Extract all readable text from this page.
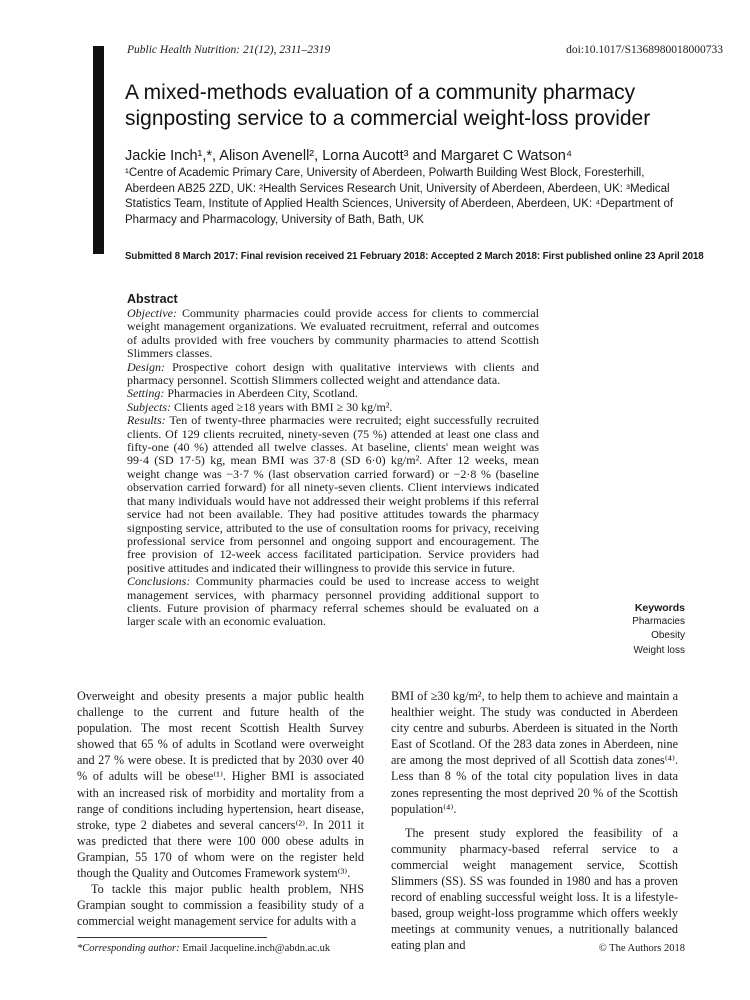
Public Health Nutrition: 21(12), 2311–2319	doi:10.1017/S1368980018000733
A mixed-methods evaluation of a community pharmacy signposting service to a commercial weight-loss provider
Jackie Inch¹,*, Alison Avenell², Lorna Aucott³ and Margaret C Watson⁴
¹Centre of Academic Primary Care, University of Aberdeen, Polwarth Building West Block, Foresterhill, Aberdeen AB25 2ZD, UK: ²Health Services Research Unit, University of Aberdeen, Aberdeen, UK: ³Medical Statistics Team, Institute of Applied Health Sciences, University of Aberdeen, Aberdeen, UK: ⁴Department of Pharmacy and Pharmacology, University of Bath, Bath, UK
Submitted 8 March 2017: Final revision received 21 February 2018: Accepted 2 March 2018: First published online 23 April 2018
Abstract

Objective: Community pharmacies could provide access for clients to commercial weight management organizations. We evaluated recruitment, referral and outcomes of adults provided with free vouchers by community pharmacies to attend Scottish Slimmers classes.

Design: Prospective cohort design with qualitative interviews with clients and pharmacy personnel. Scottish Slimmers collected weight and attendance data.

Setting: Pharmacies in Aberdeen City, Scotland.

Subjects: Clients aged ≥18 years with BMI ≥ 30 kg/m².

Results: Ten of twenty-three pharmacies were recruited; eight successfully recruited clients. Of 129 clients recruited, ninety-seven (75 %) attended at least one class and fifty-one (40 %) attended all twelve classes. At baseline, clients' mean weight was 99·4 (SD 17·5) kg, mean BMI was 37·8 (SD 6·0) kg/m². After 12 weeks, mean weight change was −3·7 % (last observation carried forward) or −2·8 % (baseline observation carried forward) for all ninety-seven clients. Client interviews indicated that many individuals would have not addressed their weight problems if this referral service had not been available. They had positive attitudes towards the pharmacy signposting service, attributed to the use of consultation rooms for privacy, receiving professional service from personnel and ongoing support and encouragement. The free provision of 12-week access facilitated participation. Service providers had positive attitudes and indicated their willingness to provide this service in future.

Conclusions: Community pharmacies could be used to increase access to weight management services, with pharmacy personnel providing additional support to clients. Future provision of pharmacy referral schemes should be evaluated on a larger scale with an economic evaluation.

Keywords
Pharmacies
Obesity
Weight loss

Overweight and obesity presents a major public health challenge to the current and future health of the population. The most recent Scottish Health Survey showed that 65 % of adults in Scotland were overweight and 27 % were obese. It is predicted that by 2030 over 40 % of adults will be obese⁽¹⁾. Higher BMI is associated with an increased risk of morbidity and mortality from a range of conditions including hypertension, heart disease, stroke, type 2 diabetes and several cancers⁽²⁾. In 2011 it was predicted that there were 100 000 obese adults in Grampian, 55 170 of whom were on the register held though the Quality and Outcomes Framework system⁽³⁾.

To tackle this major public health problem, NHS Grampian sought to commission a feasibility study of a commercial weight management service for adults with a

BMI of ≥30 kg/m², to help them to achieve and maintain a healthier weight. The study was conducted in Aberdeen city centre and suburbs. Aberdeen is situated in the North East of Scotland. Of the 283 data zones in Aberdeen, nine are among the most deprived of all Scottish data zones⁽⁴⁾. Less than 8 % of the total city population lives in data zones representing the most deprived 20 % of the Scottish population⁽⁴⁾.

The present study explored the feasibility of a community pharmacy-based referral service to a commercial weight management service, Scottish Slimmers (SS). SS was founded in 1980 and has a proven record of enabling successful weight loss. It is a lifestyle-based, group weight-loss programme which offers weekly meetings at community venues, a nutritionally balanced eating plan and

*Corresponding author: Email Jacqueline.inch@abdn.ac.uk	© The Authors 2018
